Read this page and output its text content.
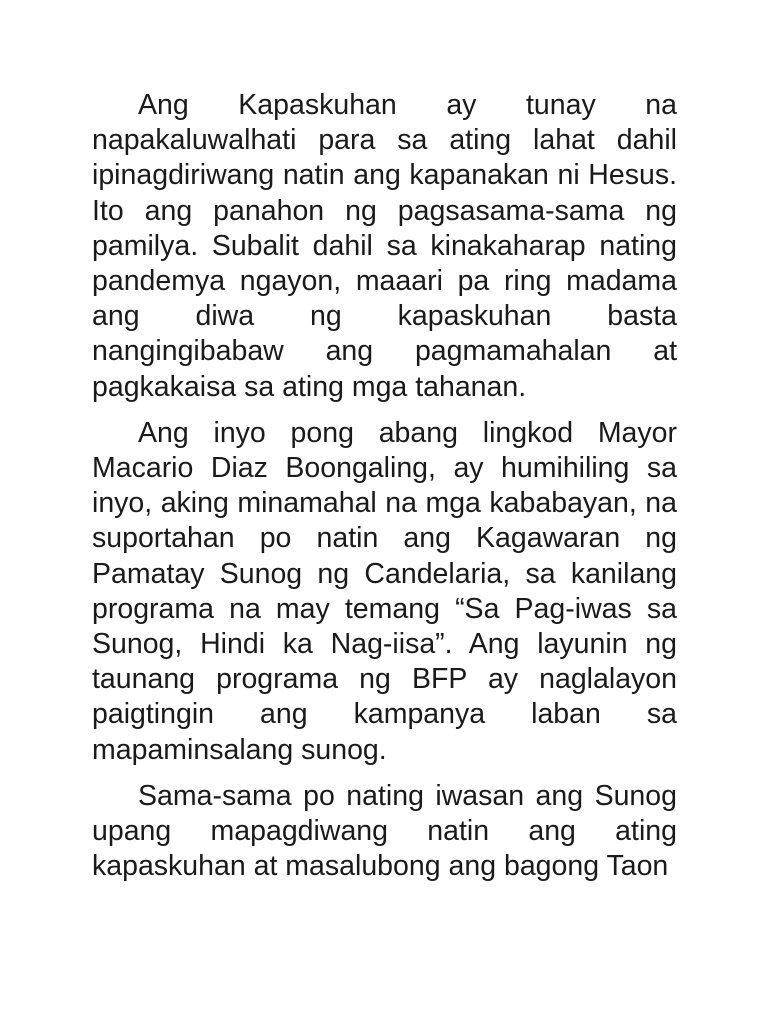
Ang Kapaskuhan ay tunay na napakaluwalhati para sa ating lahat dahil ipinagdiriwang natin ang kapanakan ni Hesus. Ito ang panahon ng pagsasama-sama ng pamilya. Subalit dahil sa kinakaharap nating pandemya ngayon, maaari pa ring madama ang diwa ng kapaskuhan basta nangingibabaw ang pagmamahalan at pagkakaisa sa ating mga tahanan.

Ang inyo pong abang lingkod Mayor Macario Diaz Boongaling, ay humihiling sa inyo, aking minamahal na mga kababayan, na suportahan po natin ang Kagawaran ng Pamatay Sunog ng Candelaria, sa kanilang programa na may temang “Sa Pag-iwas sa Sunog, Hindi ka Nag-iisa”. Ang layunin ng taunang programa ng BFP ay naglalayon paigtingin ang kampanya laban sa mapaminsalang sunog.

Sama-sama po nating iwasan ang Sunog upang mapagdiwang natin ang ating kapaskuhan at masalubong ang bagong Taon
